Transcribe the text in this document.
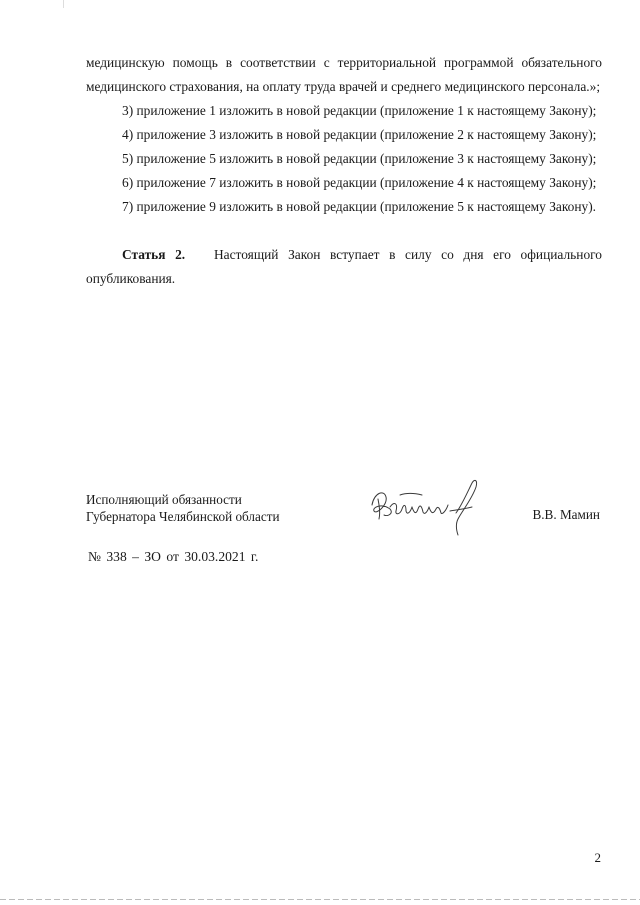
медицинскую помощь в соответствии с территориальной программой обязательного медицинского страхования, на оплату труда врачей и среднего медицинского персонала.»;

3) приложение 1 изложить в новой редакции (приложение 1 к настоящему Закону);

4) приложение 3 изложить в новой редакции (приложение 2 к настоящему Закону);

5) приложение 5 изложить в новой редакции (приложение 3 к настоящему Закону);

6) приложение 7 изложить в новой редакции (приложение 4 к настоящему Закону);

7) приложение 9 изложить в новой редакции (приложение 5 к настоящему Закону).

Статья 2. Настоящий Закон вступает в силу со дня его официального опубликования.

Исполняющий обязанности
Губернатора Челябинской области	В.В. Мамин
№ 338 – ЗО от 30.03.2021 г.
2
